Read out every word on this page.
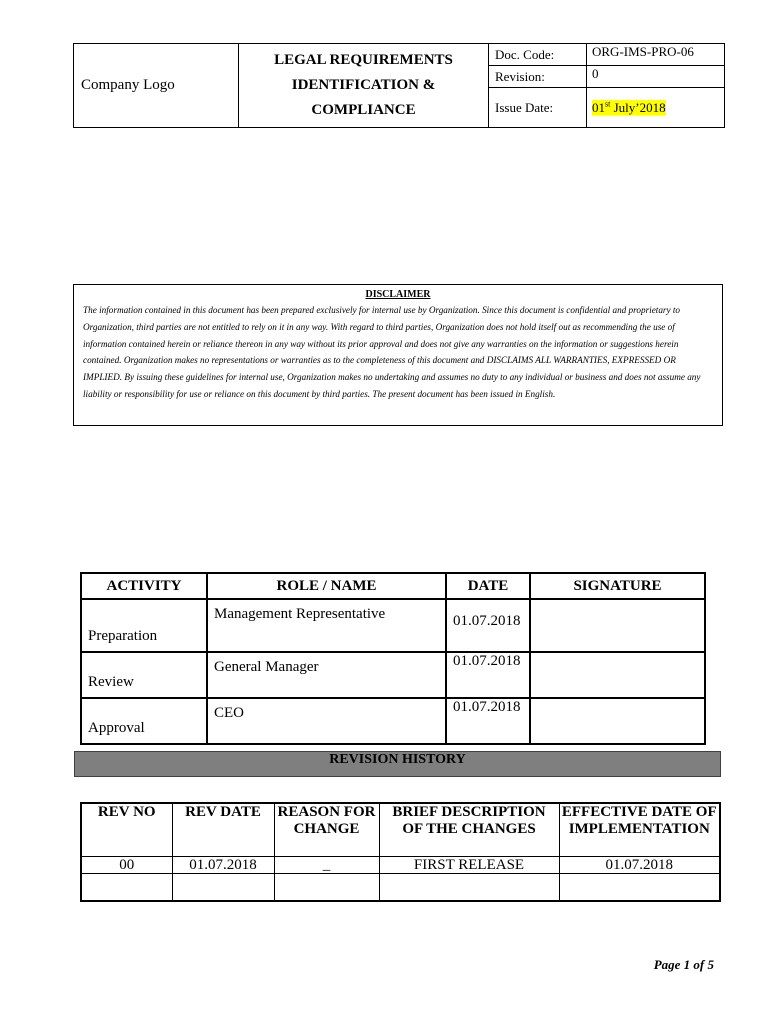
Company Logo	LEGAL REQUIREMENTS
IDENTIFICATION &
COMPLIANCE	Doc. Code:	ORG-IMS-PRO-06
		Revision:	0
		Issue Date:	01st July’2018
DISCLAIMER

The information contained in this document has been prepared exclusively for internal use by Organization. Since this document is confidential and proprietary to Organization, third parties are not entitled to rely on it in any way. With regard to third parties, Organization does not hold itself out as recommending the use of information contained herein or reliance thereon in any way without its prior approval and does not give any warranties on the information or suggestions herein contained. Organization makes no representations or warranties as to the completeness of this document and DISCLAIMS ALL WARRANTIES, EXPRESSED OR IMPLIED. By issuing these guidelines for internal use, Organization makes no undertaking and assumes no duty to any individual or business and does not assume any liability or responsibility for use or reliance on this document by third parties. The present document has been issued in English.

ACTIVITY	ROLE / NAME	DATE	SIGNATURE
Preparation	Management Representative	01.07.2018	
Review	General Manager	01.07.2018	
Approval	CEO	01.07.2018	
REVISION HISTORY
REV NO	REV DATE	REASON FOR CHANGE	BRIEF DESCRIPTION OF THE CHANGES	EFFECTIVE DATE OF IMPLEMENTATION
00	01.07.2018	_	FIRST RELEASE	01.07.2018

Page 1 of 5
